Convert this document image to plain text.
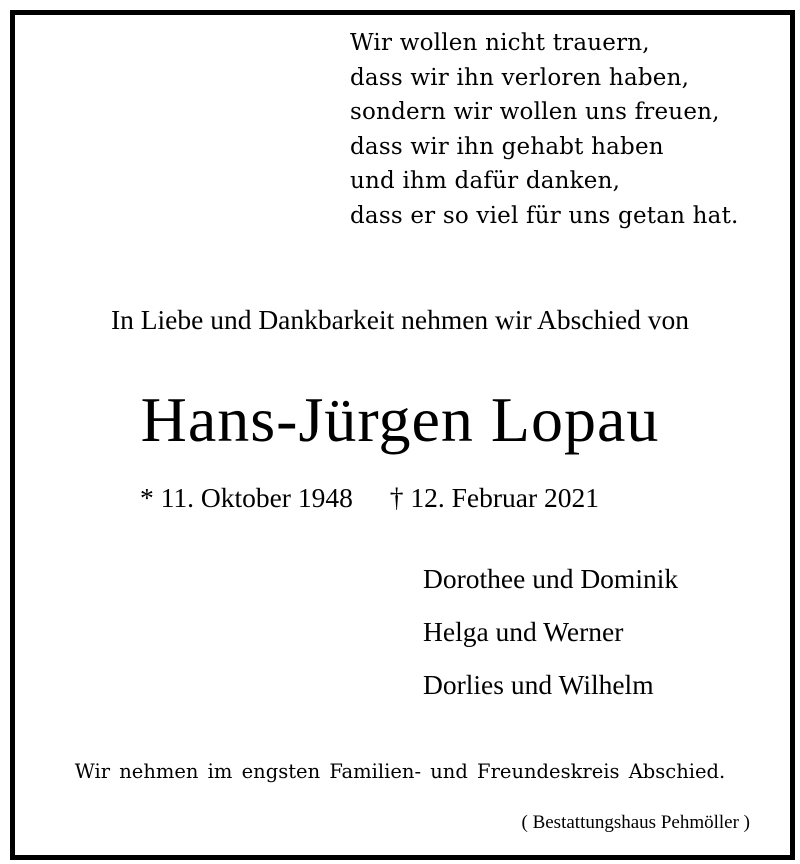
Wir wollen nicht trauern,
dass wir ihn verloren haben,
sondern wir wollen uns freuen,
dass wir ihn gehabt haben
und ihm dafür danken,
dass er so viel für uns getan hat.
In Liebe und Dankbarkeit nehmen wir Abschied von
Hans-Jürgen Lopau
* 11. Oktober 1948 † 12. Februar 2021
Dorothee und Dominik
Helga und Werner
Dorlies und Wilhelm
Wir nehmen im engsten Familien- und Freundeskreis Abschied.
( Bestattungshaus Pehmöller )
